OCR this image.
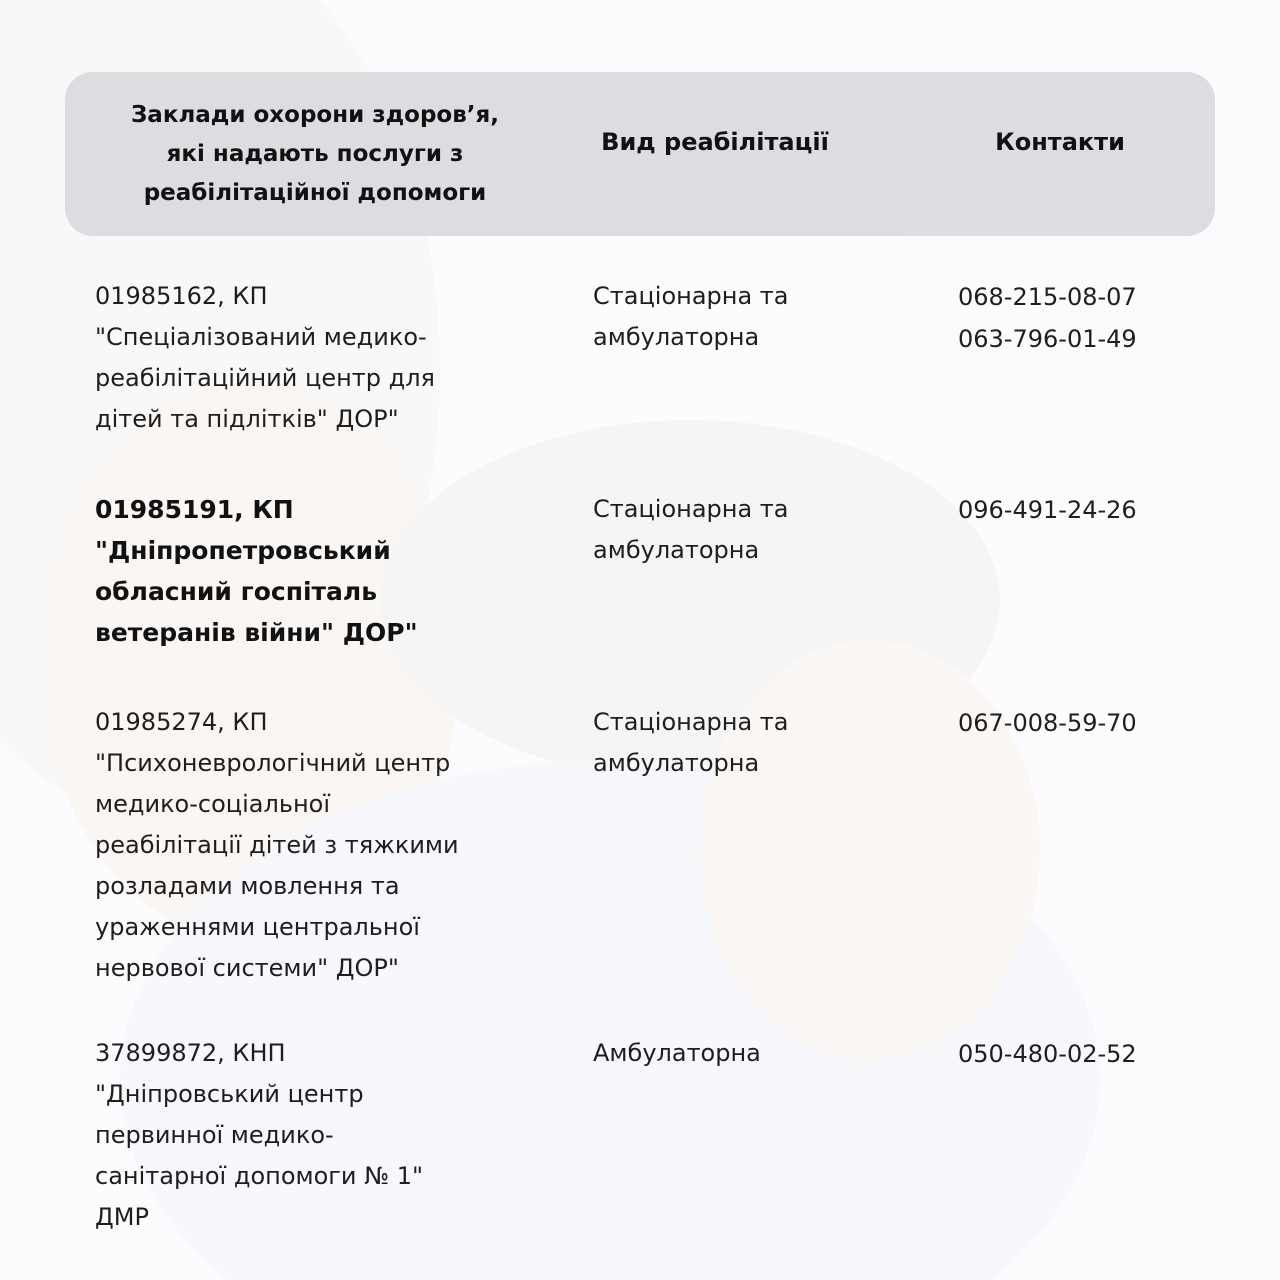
Заклади охорони здоров’я,
які надають послуги з
реабілітаційної допомоги
Вид реабілітації	Контакти
01985162, КП
"Спеціалізований медико-
реабілітаційний центр для
дітей та підлітків" ДОР"
Стаціонарна та
амбулаторна
068-215-08-07
063-796-01-49
01985191, КП
"Дніпропетровський
обласний госпіталь
ветеранів війни" ДОР"
Стаціонарна та
амбулаторна
096-491-24-26
01985274, КП
"Психоневрологічний центр
медико-соціальної
реабілітації дітей з тяжкими
розладами мовлення та
ураженнями центральної
нервової системи" ДОР"
Стаціонарна та
амбулаторна
067-008-59-70
37899872, КНП
"Дніпровський центр
первинної медико-
санітарної допомоги № 1"
ДМР
Амбулаторна	050-480-02-52
